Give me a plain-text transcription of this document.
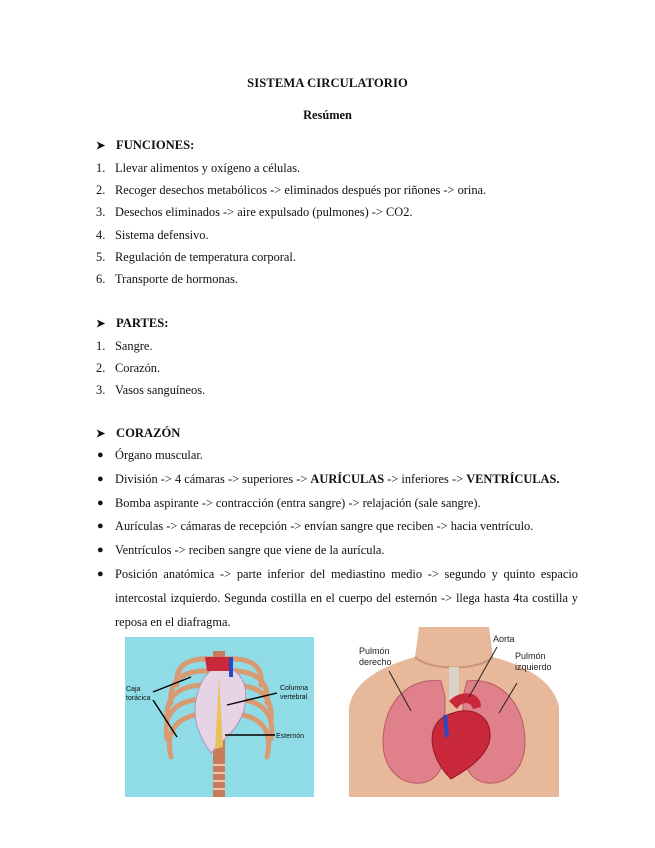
SISTEMA CIRCULATORIO
Resúmen
➤ FUNCIONES:
1. Llevar alimentos y oxígeno a células.
2. Recoger desechos metabólicos -> eliminados después por riñones -> orina.
3. Desechos eliminados -> aire expulsado (pulmones) -> CO2.
4. Sistema defensivo.
5. Regulación de temperatura corporal.
6. Transporte de hormonas.
➤ PARTES:
1. Sangre.
2. Corazón.
3. Vasos sanguíneos.
➤ CORAZÓN
● Órgano muscular.
● División -> 4 cámaras -> superiores -> AURÍCULAS -> inferiores -> VENTRÍCULAS.
● Bomba aspirante -> contracción (entra sangre) -> relajación (sale sangre).
● Aurículas -> cámaras de recepción -> envían sangre que reciben -> hacia ventrículo.
● Ventrículos -> reciben sangre que viene de la aurícula.
● Posición anatómica -> parte inferior del mediastino medio -> segundo y quinto espacio intercostal izquierdo. Segunda costilla en el cuerpo del esternón -> llega hasta 4ta costilla y reposa en el diafragma.
Caja
torácica
Columna
vertebral
Esternón
Pulmón
derecho
Aorta
Pulmón
izquierdo
